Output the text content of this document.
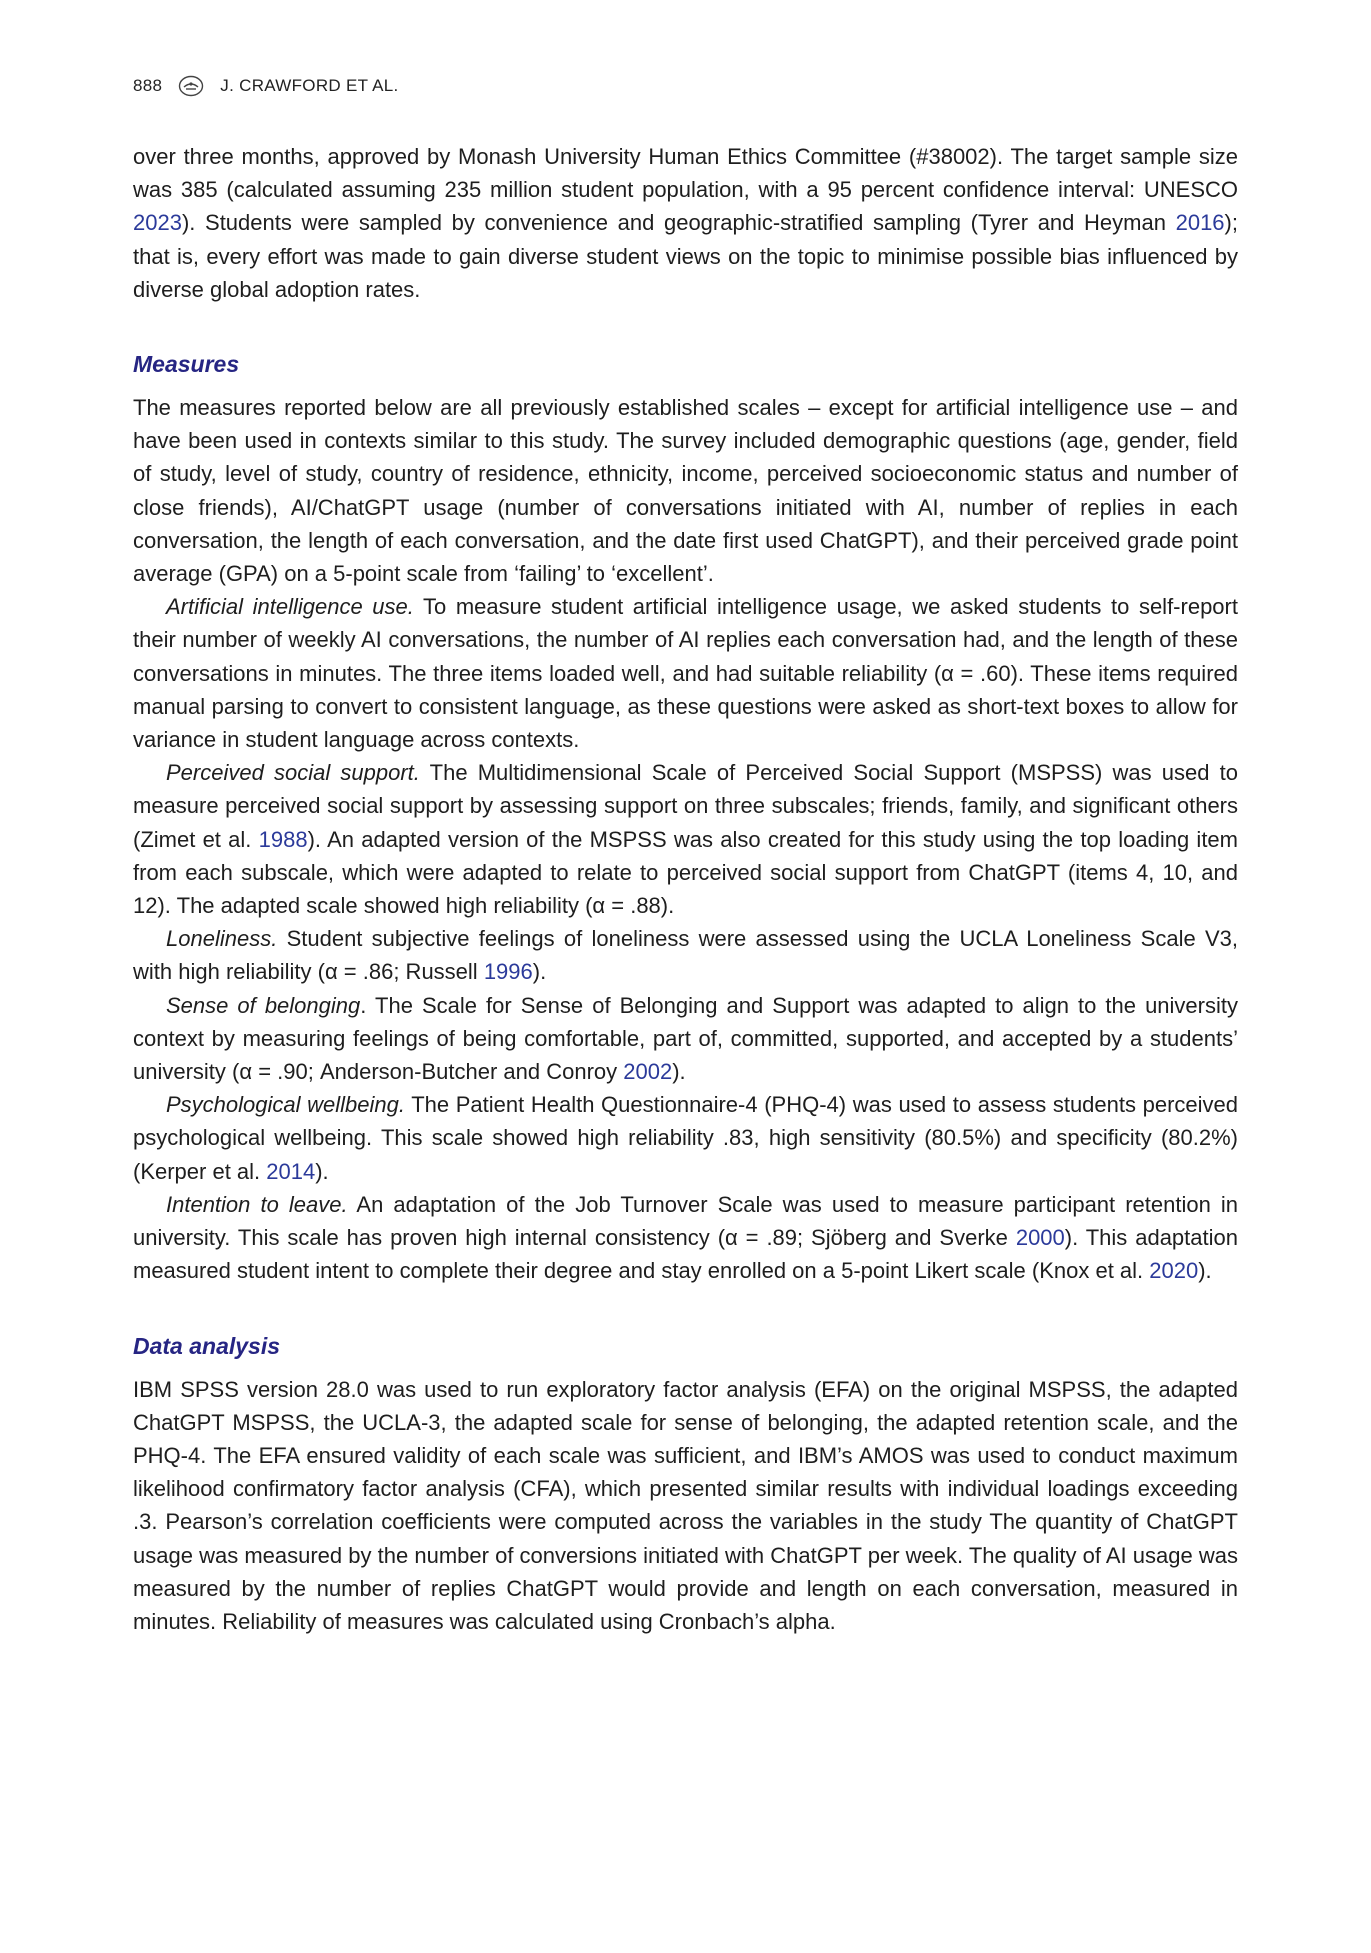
888	J. CRAWFORD ET AL.

over three months, approved by Monash University Human Ethics Committee (#38002). The target sample size was 385 (calculated assuming 235 million student population, with a 95 percent confidence interval: UNESCO 2023). Students were sampled by convenience and geographic-stratified sampling (Tyrer and Heyman 2016); that is, every effort was made to gain diverse student views on the topic to minimise possible bias influenced by diverse global adoption rates.

Measures

The measures reported below are all previously established scales – except for artificial intelligence use – and have been used in contexts similar to this study. The survey included demographic questions (age, gender, field of study, level of study, country of residence, ethnicity, income, perceived socioeconomic status and number of close friends), AI/ChatGPT usage (number of conversations initiated with AI, number of replies in each conversation, the length of each conversation, and the date first used ChatGPT), and their perceived grade point average (GPA) on a 5-point scale from ‘failing’ to ‘excellent’.

Artificial intelligence use. To measure student artificial intelligence usage, we asked students to self-report their number of weekly AI conversations, the number of AI replies each conversation had, and the length of these conversations in minutes. The three items loaded well, and had suitable reliability (α = .60). These items required manual parsing to convert to consistent language, as these questions were asked as short-text boxes to allow for variance in student language across contexts.

Perceived social support. The Multidimensional Scale of Perceived Social Support (MSPSS) was used to measure perceived social support by assessing support on three subscales; friends, family, and significant others (Zimet et al. 1988). An adapted version of the MSPSS was also created for this study using the top loading item from each subscale, which were adapted to relate to perceived social support from ChatGPT (items 4, 10, and 12). The adapted scale showed high reliability (α = .88).

Loneliness. Student subjective feelings of loneliness were assessed using the UCLA Loneliness Scale V3, with high reliability (α = .86; Russell 1996).

Sense of belonging. The Scale for Sense of Belonging and Support was adapted to align to the university context by measuring feelings of being comfortable, part of, committed, supported, and accepted by a students’ university (α = .90; Anderson-Butcher and Conroy 2002).

Psychological wellbeing. The Patient Health Questionnaire-4 (PHQ-4) was used to assess students perceived psychological wellbeing. This scale showed high reliability .83, high sensitivity (80.5%) and specificity (80.2%) (Kerper et al. 2014).

Intention to leave. An adaptation of the Job Turnover Scale was used to measure participant retention in university. This scale has proven high internal consistency (α = .89; Sjöberg and Sverke 2000). This adaptation measured student intent to complete their degree and stay enrolled on a 5-point Likert scale (Knox et al. 2020).

Data analysis

IBM SPSS version 28.0 was used to run exploratory factor analysis (EFA) on the original MSPSS, the adapted ChatGPT MSPSS, the UCLA-3, the adapted scale for sense of belonging, the adapted retention scale, and the PHQ-4. The EFA ensured validity of each scale was sufficient, and IBM’s AMOS was used to conduct maximum likelihood confirmatory factor analysis (CFA), which presented similar results with individual loadings exceeding .3. Pearson’s correlation coefficients were computed across the variables in the study The quantity of ChatGPT usage was measured by the number of conversions initiated with ChatGPT per week. The quality of AI usage was measured by the number of replies ChatGPT would provide and length on each conversation, measured in minutes. Reliability of measures was calculated using Cronbach’s alpha.
